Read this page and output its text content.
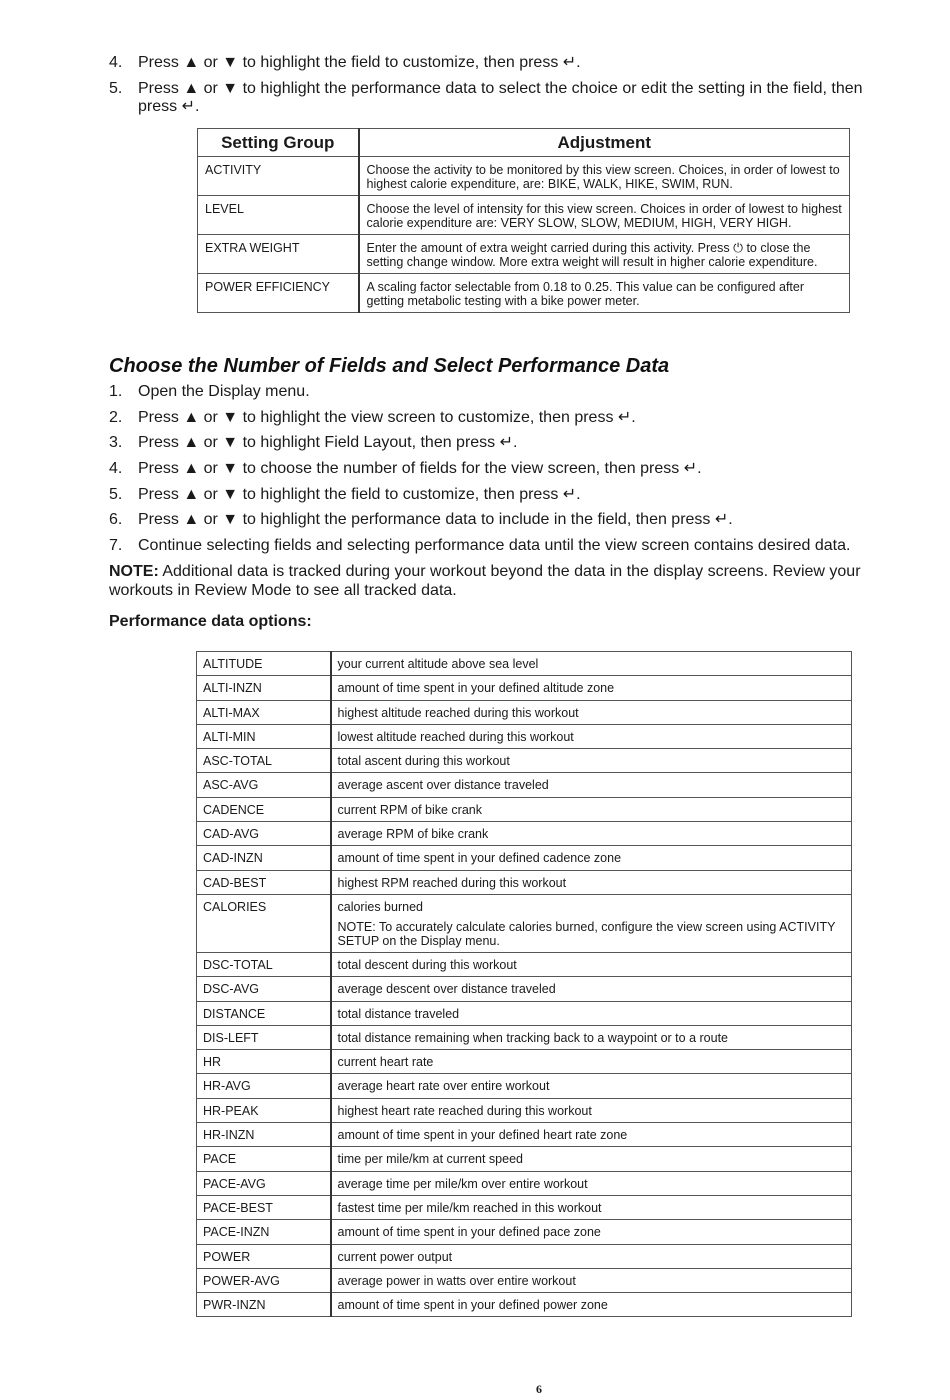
4. Press ▲ or ▼ to highlight the field to customize, then press ↵.
5. Press ▲ or ▼ to highlight the performance data to select the choice or edit the setting in the field, then press ↵.
Setting Group	Adjustment
ACTIVITY	Choose the activity to be monitored by this view screen. Choices, in order of lowest to highest calorie expenditure, are: BIKE, WALK, HIKE, SWIM, RUN.
LEVEL	Choose the level of intensity for this view screen. Choices in order of lowest to highest calorie expenditure are: VERY SLOW, SLOW, MEDIUM, HIGH, VERY HIGH.
EXTRA WEIGHT	Enter the amount of extra weight carried during this activity. Press ⏻ to close the setting change window. More extra weight will result in higher calorie expenditure.
POWER EFFICIENCY	A scaling factor selectable from 0.18 to 0.25. This value can be configured after getting metabolic testing with a bike power meter.
Choose the Number of Fields and Select Performance Data
1. Open the Display menu.
2. Press ▲ or ▼ to highlight the view screen to customize, then press ↵.
3. Press ▲ or ▼ to highlight Field Layout, then press ↵.
4. Press ▲ or ▼ to choose the number of fields for the view screen, then press ↵.
5. Press ▲ or ▼ to highlight the field to customize, then press ↵.
6. Press ▲ or ▼ to highlight the performance data to include in the field, then press ↵.
7. Continue selecting fields and selecting performance data until the view screen contains desired data.

NOTE: Additional data is tracked during your workout beyond the data in the display screens. Review your workouts in Review Mode to see all tracked data.

Performance data options:
ALTITUDE	your current altitude above sea level
ALTI-INZN	amount of time spent in your defined altitude zone
ALTI-MAX	highest altitude reached during this workout
ALTI-MIN	lowest altitude reached during this workout
ASC-TOTAL	total ascent during this workout
ASC-AVG	average ascent over distance traveled
CADENCE	current RPM of bike crank
CAD-AVG	average RPM of bike crank
CAD-INZN	amount of time spent in your defined cadence zone
CAD-BEST	highest RPM reached during this workout
CALORIES	calories burned
NOTE: To accurately calculate calories burned, configure the view screen using ACTIVITY SETUP on the Display menu.

DSC-TOTAL	total descent during this workout
DSC-AVG	average descent over distance traveled
DISTANCE	total distance traveled
DIS-LEFT	total distance remaining when tracking back to a waypoint or to a route
HR	current heart rate
HR-AVG	average heart rate over entire workout
HR-PEAK	highest heart rate reached during this workout
HR-INZN	amount of time spent in your defined heart rate zone
PACE	time per mile/km at current speed
PACE-AVG	average time per mile/km over entire workout
PACE-BEST	fastest time per mile/km reached in this workout
PACE-INZN	amount of time spent in your defined pace zone
POWER	current power output
POWER-AVG	average power in watts over entire workout
PWR-INZN	amount of time spent in your defined power zone
6
